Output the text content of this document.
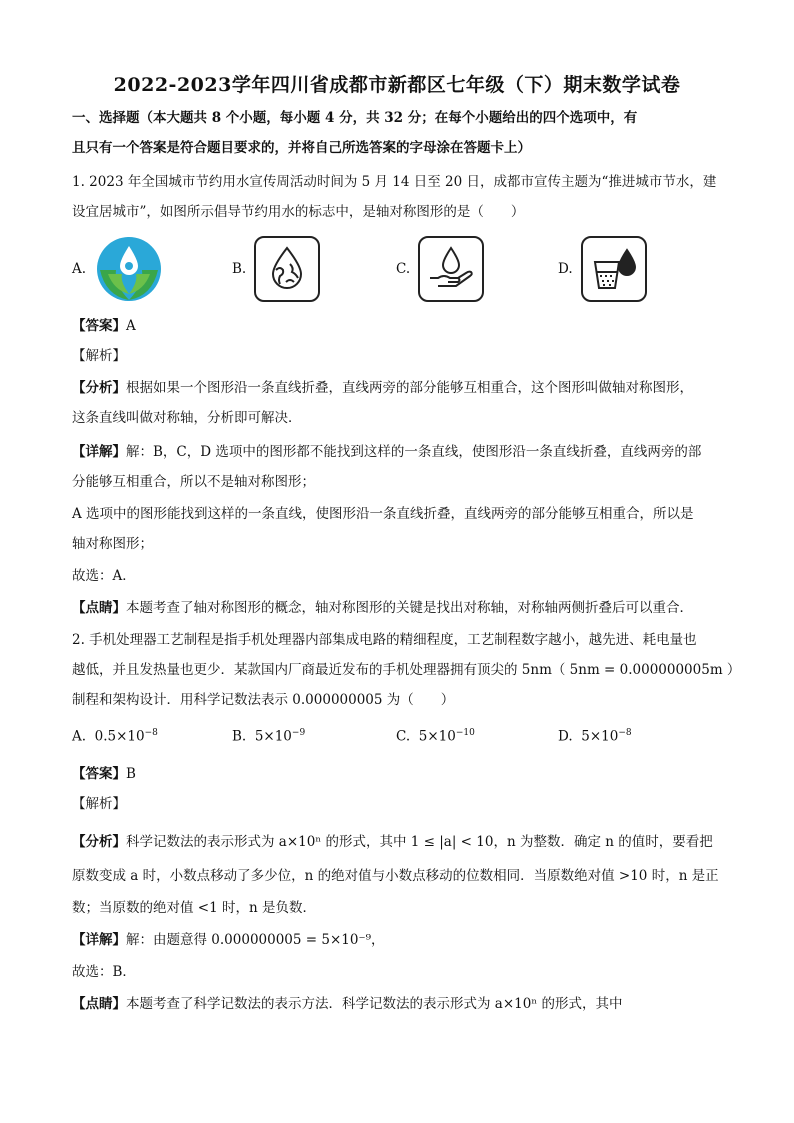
2022-2023学年四川省成都市新都区七年级（下）期末数学试卷
一、选择题（本大题共 8 个小题，每小题 4 分，共 32 分；在每个小题给出的四个选项中，有
且只有一个答案是符合题目要求的，并将自己所选答案的字母涂在答题卡上）
1. 2023 年全国城市节约用水宣传周活动时间为 5 月 14 日至 20 日，成都市宣传主题为“推进城市节水，建
设宜居城市”，如图所示倡导节约用水的标志中，是轴对称图形的是（　　）
A.	B.	C.	D.
【答案】A
【解析】
【分析】根据如果一个图形沿一条直线折叠，直线两旁的部分能够互相重合，这个图形叫做轴对称图形，
这条直线叫做对称轴，分析即可解决．
【详解】解：B，C，D 选项中的图形都不能找到这样的一条直线，使图形沿一条直线折叠，直线两旁的部
分能够互相重合，所以不是轴对称图形；
A 选项中的图形能找到这样的一条直线，使图形沿一条直线折叠，直线两旁的部分能够互相重合，所以是
轴对称图形；
故选：A．
【点睛】本题考查了轴对称图形的概念，轴对称图形的关键是找出对称轴，对称轴两侧折叠后可以重合．
2. 手机处理器工艺制程是指手机处理器内部集成电路的精细程度，工艺制程数字越小，越先进、耗电量也
越低，并且发热量也更少．某款国内厂商最近发布的手机处理器拥有顶尖的 5nm（ 5nm = 0.000000005m ）
制程和架构设计．用科学记数法表示 0.000000005 为（　　）
A. $0.5\times 10^{-8}$	B. $5\times 10^{-9}$	C. $5\times 10^{-10}$	D. $5\times 10^{-8}$
【答案】B
【解析】
【分析】科学记数法的表示形式为 a×10ⁿ 的形式，其中 1 ≤ |a| < 10，n 为整数．确定 n 的值时，要看把
原数变成 a 时，小数点移动了多少位，n 的绝对值与小数点移动的位数相同．当原数绝对值 >10 时，n 是正
数；当原数的绝对值 <1 时，n 是负数．
【详解】解：由题意得 0.000000005 = 5×10⁻⁹，
故选：B．
【点睛】本题考查了科学记数法的表示方法．科学记数法的表示形式为 a×10ⁿ 的形式，其中
